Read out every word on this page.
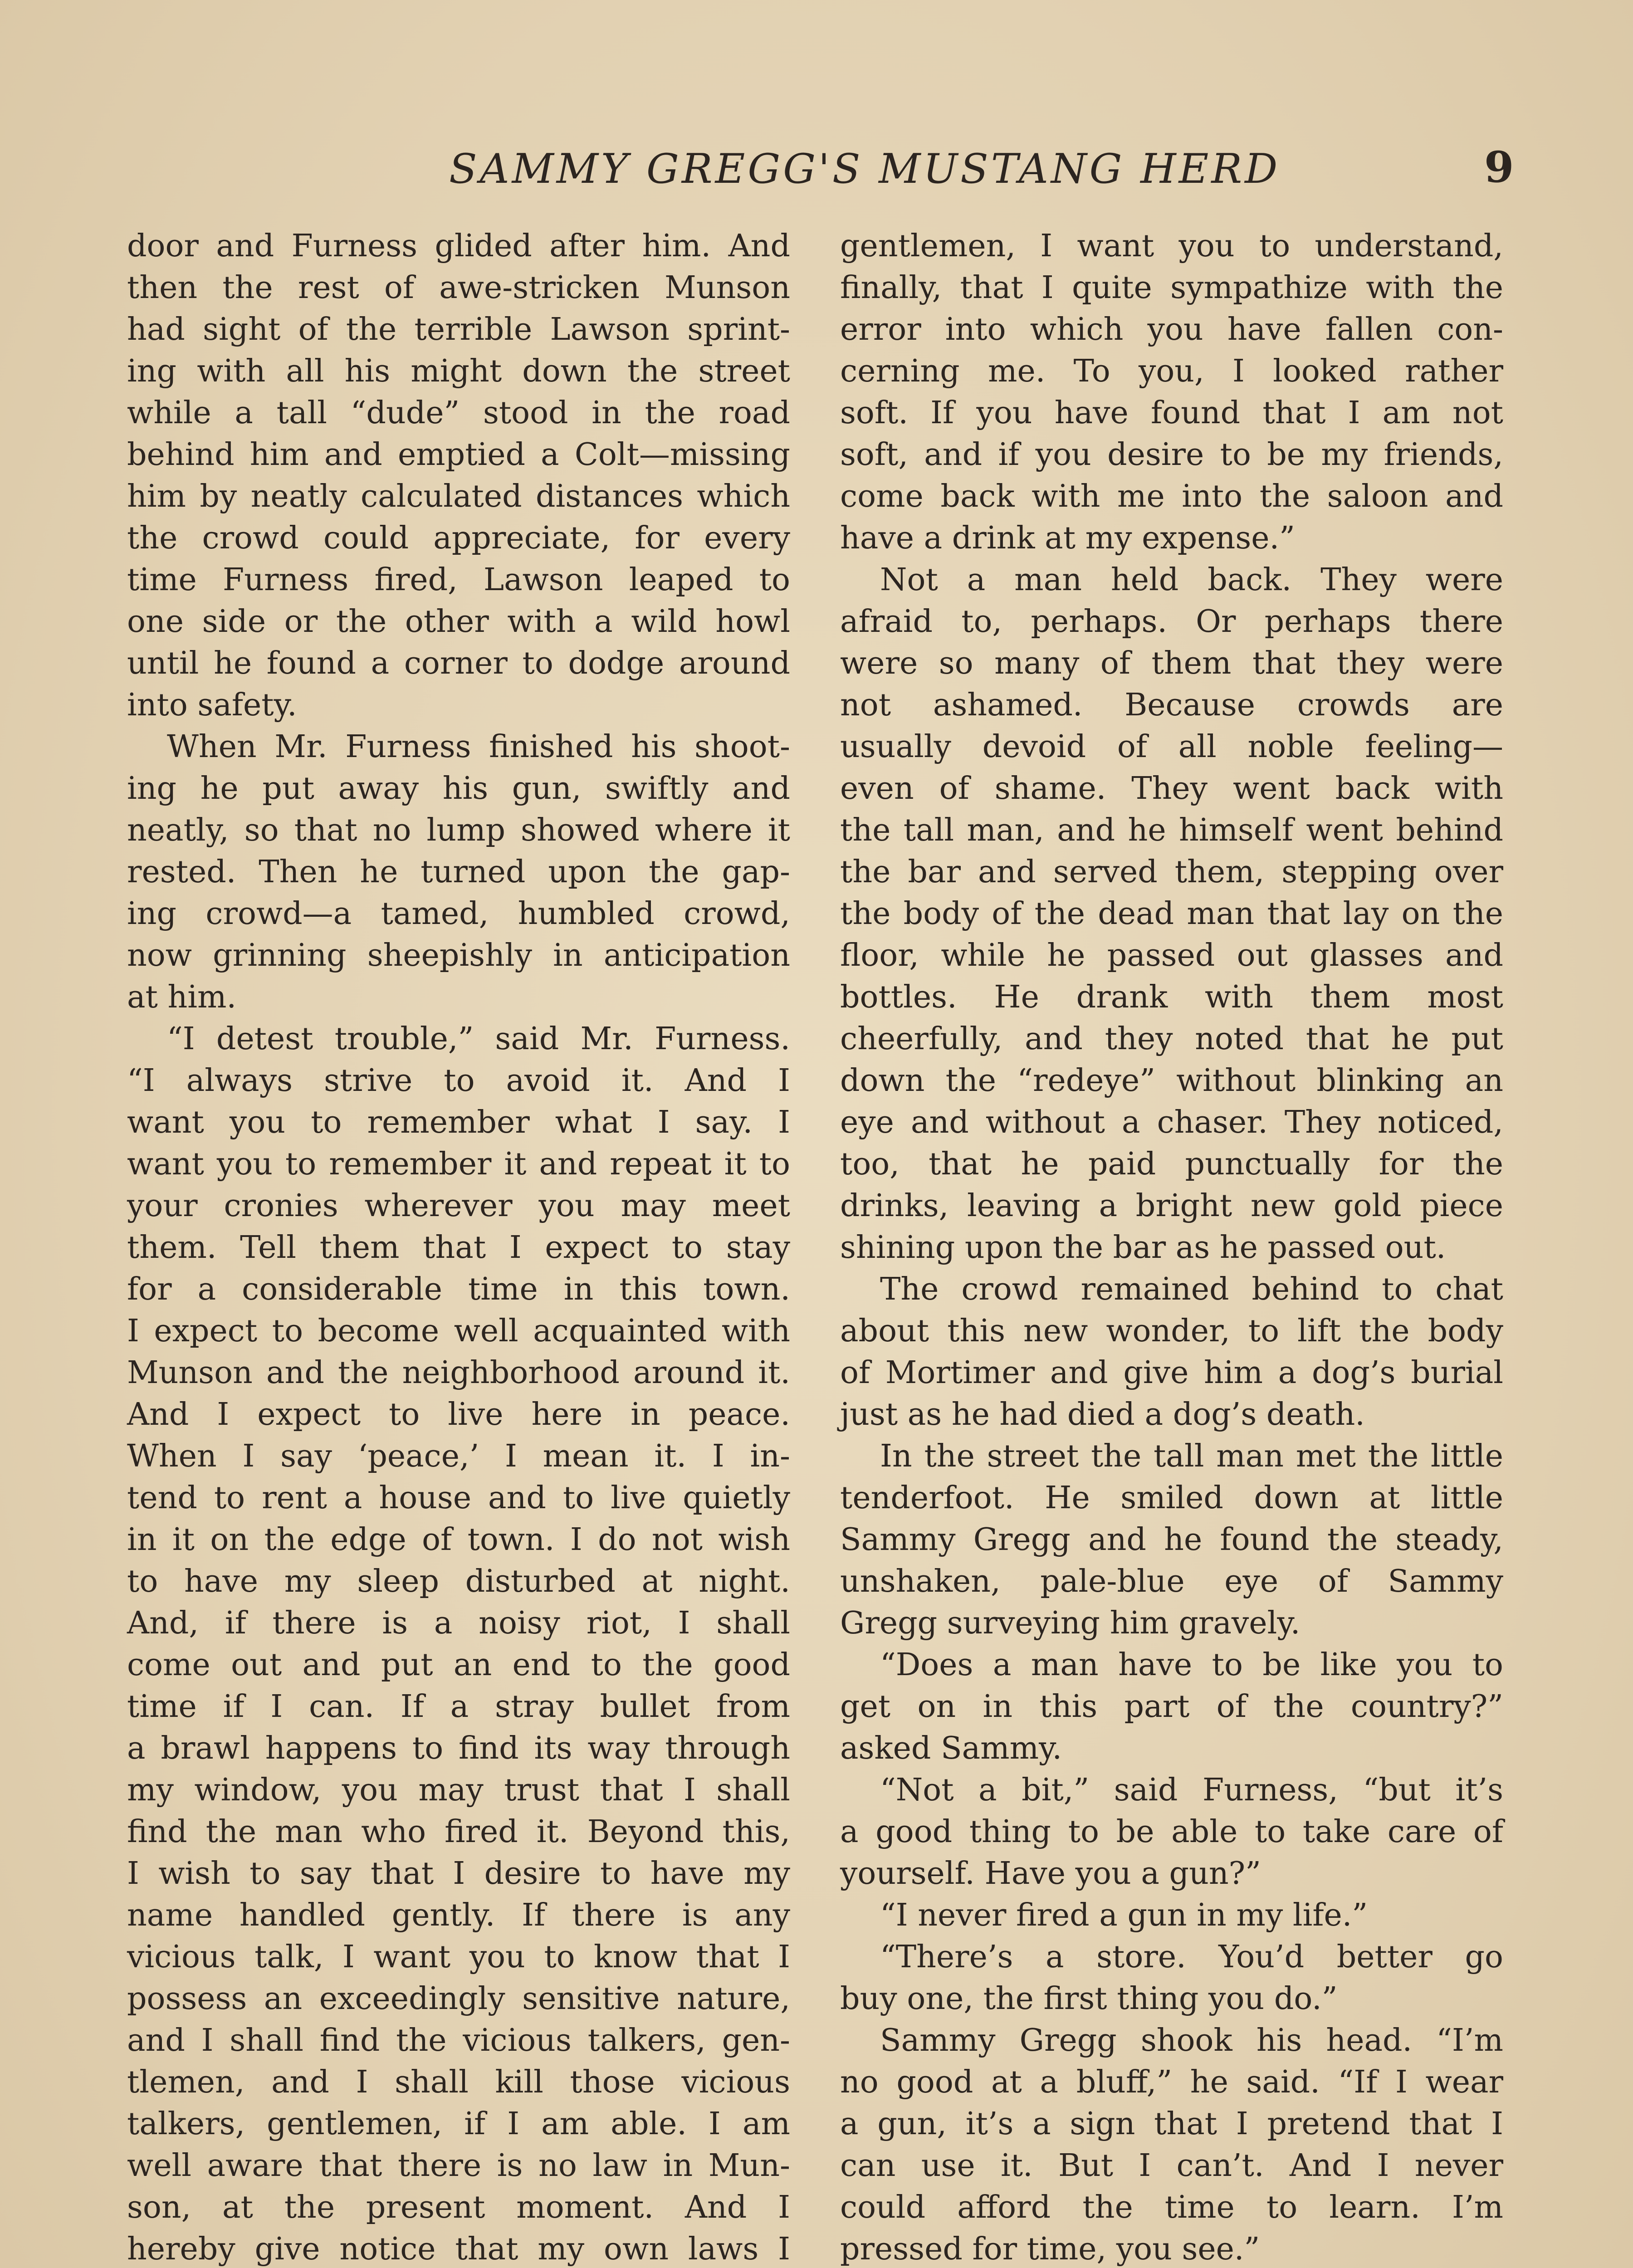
SAMMY GREGG'S MUSTANG HERD	9

door and Furness glided after him. And

then the rest of awe-stricken Munson

had sight of the terrible Lawson sprint-

ing with all his might down the street

while a tall “dude” stood in the road

behind him and emptied a Colt—missing

him by neatly calculated distances which

the crowd could appreciate, for every

time Furness fired, Lawson leaped to

one side or the other with a wild howl

until he found a corner to dodge around

into safety.

When Mr. Furness finished his shoot-

ing he put away his gun, swiftly and

neatly, so that no lump showed where it

rested. Then he turned upon the gap-

ing crowd—a tamed, humbled crowd,

now grinning sheepishly in anticipation

at him.

“I detest trouble,” said Mr. Furness.

“I always strive to avoid it. And I

want you to remember what I say. I

want you to remember it and repeat it to

your cronies wherever you may meet

them. Tell them that I expect to stay

for a considerable time in this town.

I expect to become well acquainted with

Munson and the neighborhood around it.

And I expect to live here in peace.

When I say ‘peace,’ I mean it. I in-

tend to rent a house and to live quietly

in it on the edge of town. I do not wish

to have my sleep disturbed at night.

And, if there is a noisy riot, I shall

come out and put an end to the good

time if I can. If a stray bullet from

a brawl happens to find its way through

my window, you may trust that I shall

find the man who fired it. Beyond this,

I wish to say that I desire to have my

name handled gently. If there is any

vicious talk, I want you to know that I

possess an exceedingly sensitive nature,

and I shall find the vicious talkers, gen-

tlemen, and I shall kill those vicious

talkers, gentlemen, if I am able. I am

well aware that there is no law in Mun-

son, at the present moment. And I

hereby give notice that my own laws I

gentlemen, I want you to understand,

finally, that I quite sympathize with the

error into which you have fallen con-

cerning me. To you, I looked rather

soft. If you have found that I am not

soft, and if you desire to be my friends,

come back with me into the saloon and

have a drink at my expense.”

Not a man held back. They were

afraid to, perhaps. Or perhaps there

were so many of them that they were

not ashamed. Because crowds are

usually devoid of all noble feeling—

even of shame. They went back with

the tall man, and he himself went behind

the bar and served them, stepping over

the body of the dead man that lay on the

floor, while he passed out glasses and

bottles. He drank with them most

cheerfully, and they noted that he put

down the “redeye” without blinking an

eye and without a chaser. They noticed,

too, that he paid punctually for the

drinks, leaving a bright new gold piece

shining upon the bar as he passed out.

The crowd remained behind to chat

about this new wonder, to lift the body

of Mortimer and give him a dog’s burial

just as he had died a dog’s death.

In the street the tall man met the little

tenderfoot. He smiled down at little

Sammy Gregg and he found the steady,

unshaken, pale-blue eye of Sammy

Gregg surveying him gravely.

“Does a man have to be like you to

get on in this part of the country?”

asked Sammy.

“Not a bit,” said Furness, “but it’s

a good thing to be able to take care of

yourself. Have you a gun?”

“I never fired a gun in my life.”

“There’s a store. You’d better go

buy one, the first thing you do.”

Sammy Gregg shook his head. “I’m

no good at a bluff,” he said. “If I wear

a gun, it’s a sign that I pretend that I

can use it. But I can’t. And I never

could afford the time to learn. I’m

pressed for time, you see.”
